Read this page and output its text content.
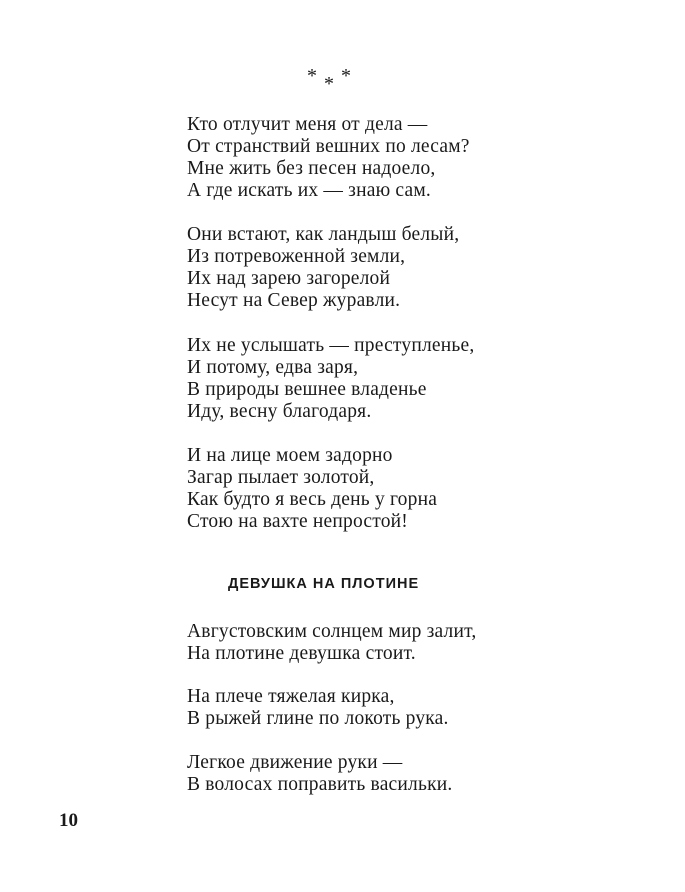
* * *
Кто отлучит меня от дела —
От странствий вешних по лесам?
Мне жить без песен надоело,
А где искать их — знаю сам.
Они встают, как ландыш белый,
Из потревоженной земли,
Их над зарею загорелой
Несут на Север журавли.
Их не услышать — преступленье,
И потому, едва заря,
В природы вешнее владенье
Иду, весну благодаря.
И на лице моем задорно
Загар пылает золотой,
Как будто я весь день у горна
Стою на вахте непростой!
ДЕВУШКА НА ПЛОТИНЕ
Августовским солнцем мир залит,
На плотине девушка стоит.
На плече тяжелая кирка,
В рыжей глине по локоть рука.
Легкое движение руки —
В волосах поправить васильки.
10
